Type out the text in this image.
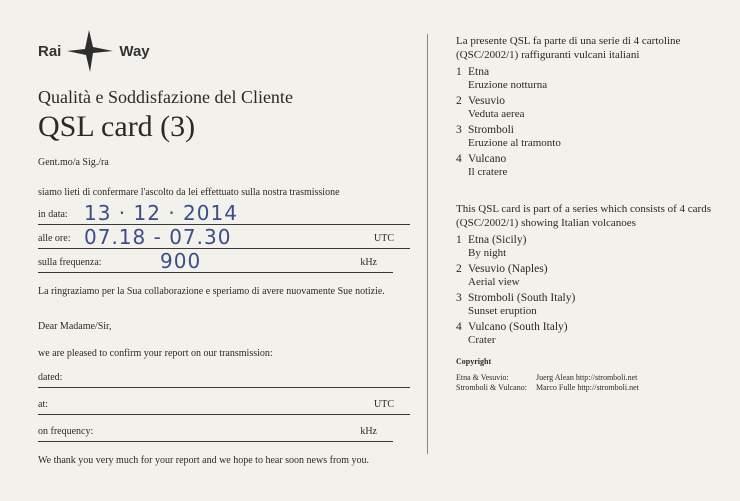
Rai	Way
Qualità e Soddisfazione del Cliente
QSL card (3)
Gent.mo/a Sig./ra
siamo lieti di confermare l'ascolto da lei effettuato sulla nostra trasmissione
in data: 13 · 12 · 2014
alle ore: 07.18 - 07.30	UTC
sulla frequenza:	900	kHz
La ringraziamo per la Sua collaborazione e speriamo di avere nuovamente Sue notizie.
Dear Madame/Sir,
we are pleased to confirm your report on our transmission:
dated:
at:	UTC
on frequency:	kHz
We thank you very much for your report and we hope to hear soon news from you.
La presente QSL fa parte di una serie di 4 cartoline (QSC/2002/1) raffiguranti vulcani italiani
1 Etna
Eruzione notturna
2 Vesuvio
Veduta aerea
3 Stromboli
Eruzione al tramonto
4 Vulcano
Il cratere
This QSL card is part of a series which consists of 4 cards (QSC/2002/1) showing Italian volcanoes
1 Etna (Sicily)
By night
2 Vesuvio (Naples)
Aerial view
3 Stromboli (South Italy)
Sunset eruption
4 Vulcano (South Italy)
Crater
Copyright
Etna & Vesuvio:	Juerg Alean http://stromboli.net
Stromboli & Vulcano:	Marco Fulle http://stromboli.net
